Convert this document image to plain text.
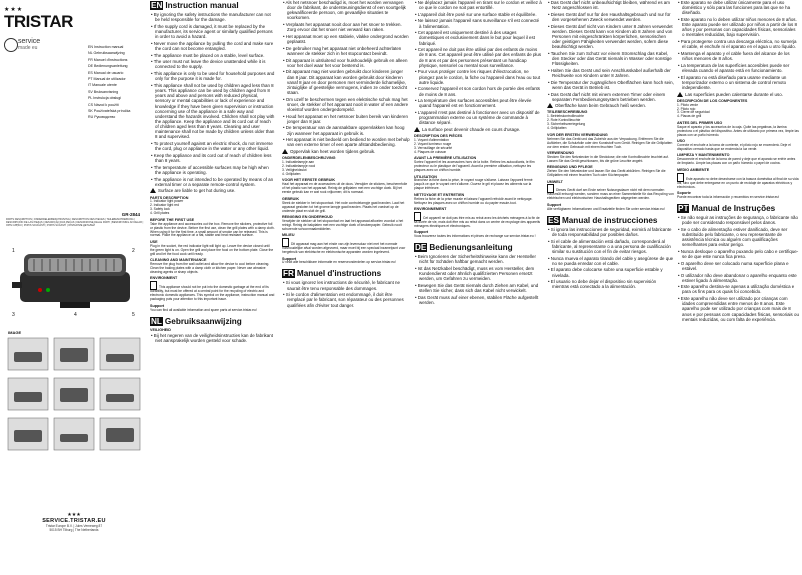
★★★
TRISTAR
service
made eu	EN Instruction manual
NL Gebruiksaanwijzing
FR Manuel d'instructions
DE Bedienungsanleitung
ES Manual de usuario
PT Manual de utilizador
IT Manuale utente
SV Bruksanvisning
PL Instrukcja obsługi
CS Návod k použití
SK Používateľská príručka
RU Руководство
GR-2844
PARTS DESCRIPTION | ONDERDELENBESCHRIJVING | DESCRIPTION DES PIECES | TEILEBESCHREIBUNG | DESCRIPCIÓN DE LAS PIEZAS | DESCRIÇÃO DAS PEÇAS | DESCRIZIONE DELLE PARTI | BESKRIVNING AV DELAR | OPIS CZĘŚCI | POPIS SOUČÁSTÍ | POPIS SÚČASTÍ | ОПИСАНИЕ ДЕТАЛЕЙ
1	2
3	4	5
IMAGE
★★★
SERVICE.TRISTAR.EU
Tristar Europe B.V. | Jules Verneweg 87
5015 BH Tilburg | The Netherlands
EN Instruction manual

• By ignoring the safety instructions the manufacturer can not be held responsible for the damage.

• If the supply cord is damaged, it must be replaced by the manufacturer, its service agent or similarly qualified persons in order to avoid a hazard.

• Never move the appliance by pulling the cord and make sure the cord can not become entangled.

• The appliance must be placed on a stable, level surface.

• The user must not leave the device unattended while it is connected to the supply.

• This appliance is only to be used for household purposes and only for the purpose it is made for.

• This appliance shall not be used by children aged less than 8 years. This appliance can be used by children aged from 8 years and above and persons with reduced physical, sensory or mental capabilities or lack of experience and knowledge if they have been given supervision or instruction concerning use of the appliance in a safe way and understand the hazards involved. Children shall not play with the appliance. Keep the appliance and its cord out of reach of children aged less than 8 years. Cleaning and user maintenance shall not be made by children unless older than 8 and supervised.

• To protect yourself against an electric shock, do not immerse the cord, plug or appliance in the water or any other liquid.

• Keep the appliance and its cord out of reach of children less than 8 years.

• The temperature of accessible surfaces may be high when the appliance is operating.

• The appliance is not intended to be operated by means of an external timer or a separate remote-control system.

Surface are liable to get hot during use.

PARTS DESCRIPTION

1. Indicator light power

2. Indicator light red

3. Safety lock

4. Grill plates

BEFORE THE FIRST USE

Take the appliance and accessories out the box. Remove the stickers, protective foil or plastic from the device. Before the first use, clean the grill plates with a damp cloth. When using it for the first time, a small amount of smoke can be released. This is normal. Place the appliance on a flat, stable and heat resistant surface.

USE

Plug in the socket, the red indicator light will light up. Leave the device closed until the green light is on. Open the grill and place the food on the bottom plate. Close the grill and let the food cook until ready.

CLEANING AND MAINTENANCE

Remove the plug from the wall outlet and allow the device to cool before cleaning. Clean the baking plates with a damp cloth or kitchen paper. Never use abrasive cleaning agents or sharp objects.

ENVIRONMENT

This appliance should not be put into the domestic garbage at the end of its durability, but must be offered at a central point for the recycling of electric and electronic domestic appliances. This symbol on the appliance, instruction manual and packaging puts your attention to this important issue.

Support

You can find all available information and spare parts at service.tristar.eu!

NL Gebruiksaanwijzing

VEILIGHEID

• Bij het negeren van de veiligheidsinstructies kan de fabrikant niet aansprakelijk worden gesteld voor schade.

• Als het netsnoer beschadigd is, moet het worden vervangen door de fabrikant, de ondersteuningsdienst of een soortgelijk gekwalificeerde persoon, om gevaarlijke situaties te voorkomen.

• Verplaats het apparaat nooit door aan het snoer te trekken. Zorg ervoor dat het snoer niet verward kan raken.

• Het apparaat moet op een stabiele, vlakke ondergrond worden geplaatst.

• De gebruiker mag het apparaat niet onbeheerd achterlaten wanneer de stekker zich in het stopcontact bevindt.

• Dit apparaat is uitsluitend voor huishoudelijk gebruik en alleen voor het doel waar het voor bestemd is.

• Dit apparaat mag niet worden gebruikt door kinderen jonger dan 8 jaar. Dit apparaat kan worden gebruikt door kinderen vanaf 8 jaar en door personen met verminderde lichamelijke, zintuiglijke of geestelijke vermogens, indien ze onder toezicht staan.

• Om uzelf te beschermen tegen een elektrische schok mag het snoer, de stekker of het apparaat nooit in water of een andere vloeistof worden ondergedompeld.

• Houd het apparaat en het netsnoer buiten bereik van kinderen jonger dan 8 jaar.

• De temperatuur van de aanraakbare oppervlakken kan hoog zijn wanneer het apparaat in gebruik is.

• Het apparaat is niet bedoeld om bediend te worden met behulp van een externe timer of een aparte afstandsbediening.

Oppervlak kan heet worden tijdens gebruik.

ONDERDELENBESCHRIJVING

1. Indicatielampje aan

2. Indicatielampje rood

3. Veiligheidsslot

4. Grillplaten

VOOR HET EERSTE GEBRUIK

Haal het apparaat en de accessoires uit de doos. Verwijder de stickers, beschermfolie of het plastic van het apparaat. Reinig de grillplaten met een vochtige doek. Bij het eerste gebruik kan er wat rook vrijkomen; dit is normaal.

GEBRUIK

Steek de stekker in het stopcontact. Het rode controlelampje gaat branden. Laat het apparaat gesloten tot het groene lampje gaat branden. Plaats het voedsel op de onderste plaat en sluit de grill.

REINIGING EN ONDERHOUD

Verwijder de stekker uit het stopcontact en laat het apparaat afkoelen voordat u het reinigt. Reinig de bakplaten met een vochtige doek of keukenpapier. Gebruik nooit schurende schoonmaakmiddelen.

MILIEU

Dit apparaat mag aan het einde van zijn levensduur niet met het normale huishoudelijke afval worden afgevoerd, maar moet bij een speciaal inzamelpunt voor hergebruik van elektrische en elektronische apparaten worden ingeleverd.

Support

U vindt alle beschikbare informatie en reserveonderdelen op service.tristar.eu!

FR Manuel d'instructions

• Si vous ignorez les instructions de sécurité, le fabricant ne saurait être tenu responsable des dommages.

• Si le cordon d'alimentation est endommagé, il doit être remplacé par le fabricant, son réparateur ou des personnes qualifiées afin d'éviter tout danger.

• Ne déplacez jamais l'appareil en tirant sur le cordon et veillez à ce que le cordon ne soit pas entortillé.

• L'appareil doit être posé sur une surface stable et équilibrée.

• Ne laissez jamais l'appareil sans surveillance s'il est connecté à l'alimentation.

• Cet appareil est uniquement destiné à des usages domestiques et exclusivement dans le but pour lequel il est fabriqué.

• Cet appareil ne doit pas être utilisé par des enfants de moins de 8 ans. Cet appareil peut être utilisé par des enfants de plus de 8 ans et par des personnes présentant un handicap physique, sensoriel ou mental sous surveillance.

• Pour vous protéger contre les risques d'électrocution, ne plongez pas le cordon, la fiche ou l'appareil dans l'eau ou tout autre liquide.

• Conservez l'appareil et son cordon hors de portée des enfants de moins de 8 ans.

• La température des surfaces accessibles peut être élevée quand l'appareil est en fonctionnement.

• L'appareil n'est pas destiné à fonctionner avec un dispositif de programmation externe ou un système de commande à distance séparé.

La surface peut devenir chaude en cours d'usage.

DESCRIPTION DES PIÈCES

1. Voyant d'alimentation

2. Voyant lumineux rouge

3. Verrouillage de sécurité

4. Plaques de cuisson

AVANT LA PREMIÈRE UTILISATION

Sortez l'appareil et les accessoires hors de la boîte. Retirez les autocollants, le film protecteur ou le plastique de l'appareil. Avant la première utilisation, nettoyez les plaques avec un chiffon humide.

UTILISATION

Branchez la fiche dans la prise, le voyant rouge s'allume. Laissez l'appareil fermé jusqu'à ce que le voyant vert s'allume. Ouvrez le gril et placez les aliments sur la plaque inférieure.

NETTOYAGE ET ENTRETIEN

Retirez la fiche de la prise murale et laissez l'appareil refroidir avant le nettoyage. Nettoyez les plaques avec un chiffon humide ou du papier essuie-tout.

ENVIRONNEMENT

Cet appareil ne doit pas être mis au rebut avec les déchets ménagers à la fin de sa durée de vie, mais doit être mis au rebut dans un centre de recyclage des appareils ménagers électriques et électroniques.

Support

Vous trouverez toutes les informations et pièces de rechange sur service.tristar.eu !

DE Bedienungsanleitung

• Beim Ignorieren der Sicherheitshinweise kann der Hersteller nicht für Schäden haftbar gemacht werden.

• Ist das Netzkabel beschädigt, muss es vom Hersteller, dem Kundendienst oder ähnlich qualifizierten Personen ersetzt werden, um Gefahren zu vermeiden.

• Bewegen Sie das Gerät niemals durch Ziehen am Kabel, und stellen Sie sicher, dass sich das Kabel nicht verwickelt.

• Das Gerät muss auf einer ebenen, stabilen Fläche aufgestellt werden.

• Das Gerät darf nicht unbeaufsichtigt bleiben, während es am Netz angeschlossen ist.

• Dieses Gerät darf nur für den Haushaltsgebrauch und nur für den vorgesehenen Zweck verwendet werden.

• Dieses Gerät darf nicht von Kindern unter 8 Jahren verwendet werden. Dieses Gerät kann von Kindern ab 8 Jahren und von Personen mit eingeschränkten körperlichen, sensorischen oder geistigen Fähigkeiten verwendet werden, sofern diese beaufsichtigt werden.

• Tauchen Sie zum Schutz vor einem Stromschlag das Kabel, den Stecker oder das Gerät niemals in Wasser oder sonstige Flüssigkeiten.

• Halten Sie das Gerät und sein Anschlusskabel außerhalb der Reichweite von Kindern unter 8 Jahren.

• Die Temperatur der zugänglichen Oberflächen kann hoch sein, wenn das Gerät in Betrieb ist.

• Das Gerät darf nicht mit einem externen Timer oder einem separaten Fernbedienungssystem betrieben werden.

Oberfläche kann beim Gebrauch heiß werden.

TEILEBESCHREIBUNG

1. Betriebskontrollleuchte

2. Rote Kontrollleuchte

3. Sicherheitsverriegelung

4. Grillplatten

VOR DER ERSTEN VERWENDUNG

Nehmen Sie das Gerät und das Zubehör aus der Verpackung. Entfernen Sie die Aufkleber, die Schutzfolie oder den Kunststoff vom Gerät. Reinigen Sie die Grillplatten vor dem ersten Gebrauch mit einem feuchten Tuch.

VERWENDUNG

Stecken Sie den Netzstecker in die Steckdose; die rote Kontrollleuchte leuchtet auf. Lassen Sie das Gerät geschlossen, bis die grüne Leuchte angeht.

REINIGUNG UND PFLEGE

Ziehen Sie den Netzstecker und lassen Sie das Gerät abkühlen. Reinigen Sie die Grillplatten mit einem feuchten Tuch oder Küchenpapier.

UMWELT

Dieses Gerät darf am Ende seiner Nutzungsdauer nicht mit dem normalen Hausmüll entsorgt werden, sondern muss an einer Sammelstelle für das Recycling von elektrischen und elektronischen Haushaltsgeräten abgegeben werden.

Support

Alle verfügbaren Informationen und Ersatzteile finden Sie unter service.tristar.eu!

ES Manual de instrucciones

• Si ignora las instrucciones de seguridad, eximirá al fabricante de toda responsabilidad por posibles daños.

• Si el cable de alimentación está dañado, corresponderá al fabricante, al representante o a una persona de cualificación similar su sustitución con el fin de evitar riesgos.

• Nunca mueva el aparato tirando del cable y asegúrese de que no se pueda enredar con el cable.

• El aparato debe colocarse sobre una superficie estable y nivelada.

• El usuario no debe dejar el dispositivo sin supervisión mientras está conectado a la alimentación.

• Este aparato se debe utilizar únicamente para el uso doméstico y sólo para las funciones para las que se ha diseñado.

• Este aparato no lo deben utilizar niños menores de 8 años. Este aparato puede ser utilizado por niños a partir de los 8 años y por personas con capacidades físicas, sensoriales o mentales reducidas, bajo supervisión.

• Para protegerse contra una descarga eléctrica, no sumerja el cable, el enchufe ni el aparato en el agua u otro líquido.

• Mantenga el aparato y el cable fuera del alcance de los niños menores de 8 años.

• La temperatura de las superficies accesibles puede ser elevada cuando el aparato está en funcionamiento.

• El aparato no está diseñado para usarse mediante un temporizador externo o un sistema de control remoto independiente.

Las superficies pueden calentarse durante el uso.

DESCRIPCIÓN DE LOS COMPONENTES

1. Piloto verde

2. Piloto rojo

3. Cierre de seguridad

4. Placas de grill

ANTES DEL PRIMER USO

Saque el aparato y los accesorios de la caja. Quite las pegatinas, la lámina protectora o el plástico del dispositivo. Antes de utilizarlo por primera vez, limpie las placas con un paño húmedo.

USO

Conecte el enchufe a la toma de corriente, el piloto rojo se encenderá. Deje el dispositivo cerrado hasta que se encienda la luz verde.

LIMPIEZA Y MANTENIMIENTO

Desconecte el enchufe de la toma de pared y deje que el aparato se enfríe antes de limpiarlo. Limpie las placas con un paño húmedo o papel de cocina.

MEDIO AMBIENTE

Este aparato no debe desecharse con la basura doméstica al final de su vida útil, sino que debe entregarse en un punto de reciclaje de aparatos eléctricos y electrónicos.

Soporte

Puede encontrar toda la información y recambios en service.tristar.eu!

PT Manual de Instruções

• Se não seguir as instruções de segurança, o fabricante não pode ser considerado responsável pelos danos.

• Se o cabo de alimentação estiver danificado, deve ser substituído pelo fabricante, o seu representante de assistência técnica ou alguém com qualificações semelhantes para evitar perigo.

• Nunca desloque o aparelho puxando pelo cabo e certifique-se de que este nunca fica preso.

• O aparelho deve ser colocado numa superfície plana e estável.

• O utilizador não deve abandonar o aparelho enquanto este estiver ligado à alimentação.

• Este aparelho destina-se apenas a utilização doméstica e para os fins para os quais foi concebido.

• Este aparelho não deve ser utilizado por crianças com idades compreendidas entre menos de 8 anos. Este aparelho pode ser utilizado por crianças com mais de 8 anos e por pessoas com capacidades físicas, sensoriais ou mentais reduzidas, ou com falta de experiência.
